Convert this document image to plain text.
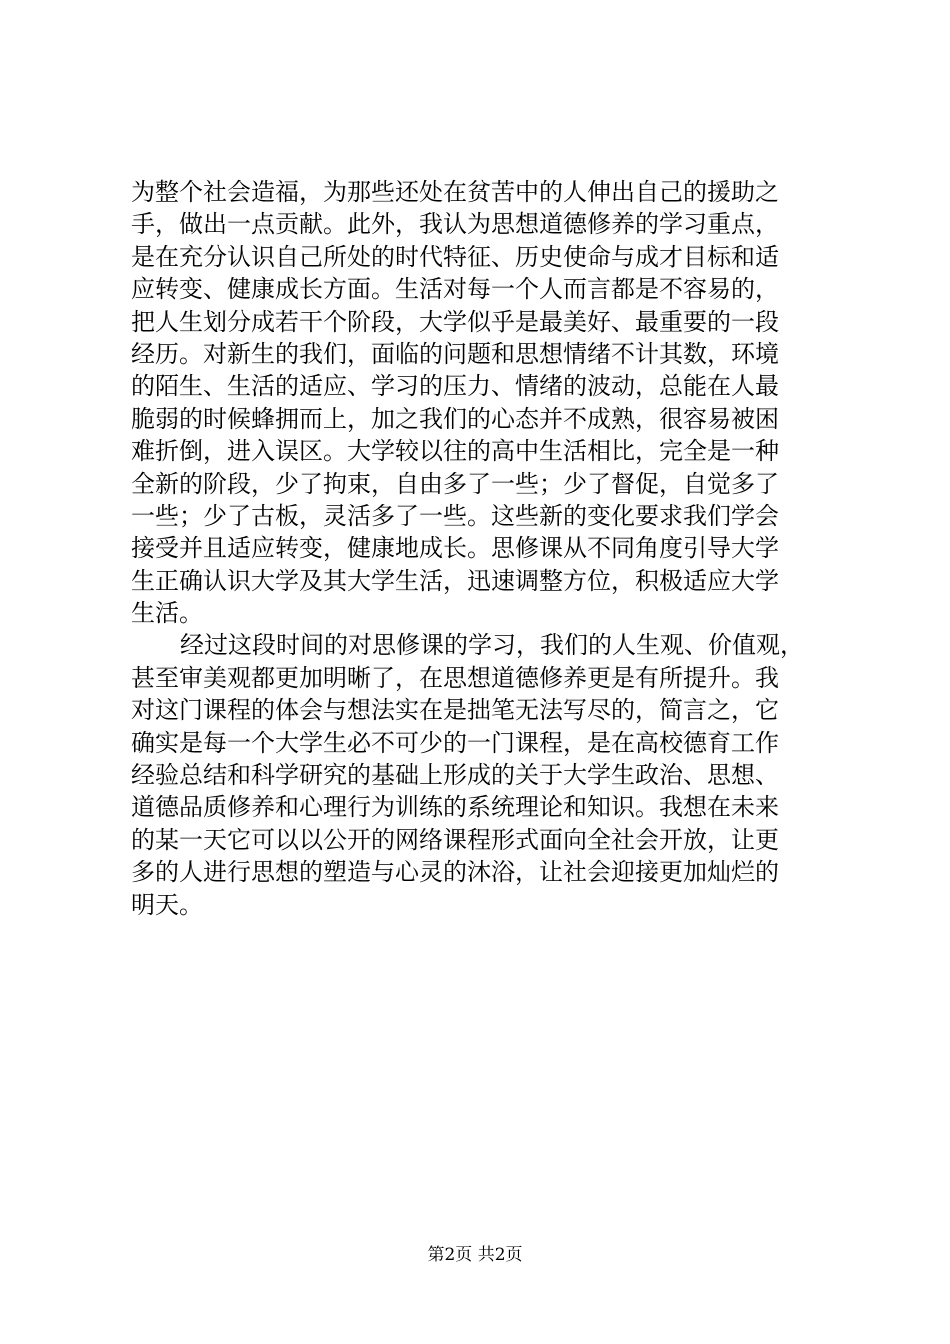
为整个社会造福，为那些还处在贫苦中的人伸出自己的援助之
手，做出一点贡献。此外，我认为思想道德修养的学习重点，
是在充分认识自己所处的时代特征、历史使命与成才目标和适
应转变、健康成长方面。生活对每一个人而言都是不容易的，
把人生划分成若干个阶段，大学似乎是最美好、最重要的一段
经历。对新生的我们，面临的问题和思想情绪不计其数，环境
的陌生、生活的适应、学习的压力、情绪的波动，总能在人最
脆弱的时候蜂拥而上，加之我们的心态并不成熟，很容易被困
难折倒，进入误区。大学较以往的高中生活相比，完全是一种
全新的阶段，少了拘束，自由多了一些；少了督促，自觉多了
一些；少了古板，灵活多了一些。这些新的变化要求我们学会
接受并且适应转变，健康地成长。思修课从不同角度引导大学
生正确认识大学及其大学生活，迅速调整方位，积极适应大学
生活。
经过这段时间的对思修课的学习，我们的人生观、价值观，
甚至审美观都更加明晰了，在思想道德修养更是有所提升。我
对这门课程的体会与想法实在是拙笔无法写尽的，简言之，它
确实是每一个大学生必不可少的一门课程，是在高校德育工作
经验总结和科学研究的基础上形成的关于大学生政治、思想、
道德品质修养和心理行为训练的系统理论和知识。我想在未来
的某一天它可以以公开的网络课程形式面向全社会开放，让更
多的人进行思想的塑造与心灵的沐浴，让社会迎接更加灿烂的
明天。
第2页 共2页
